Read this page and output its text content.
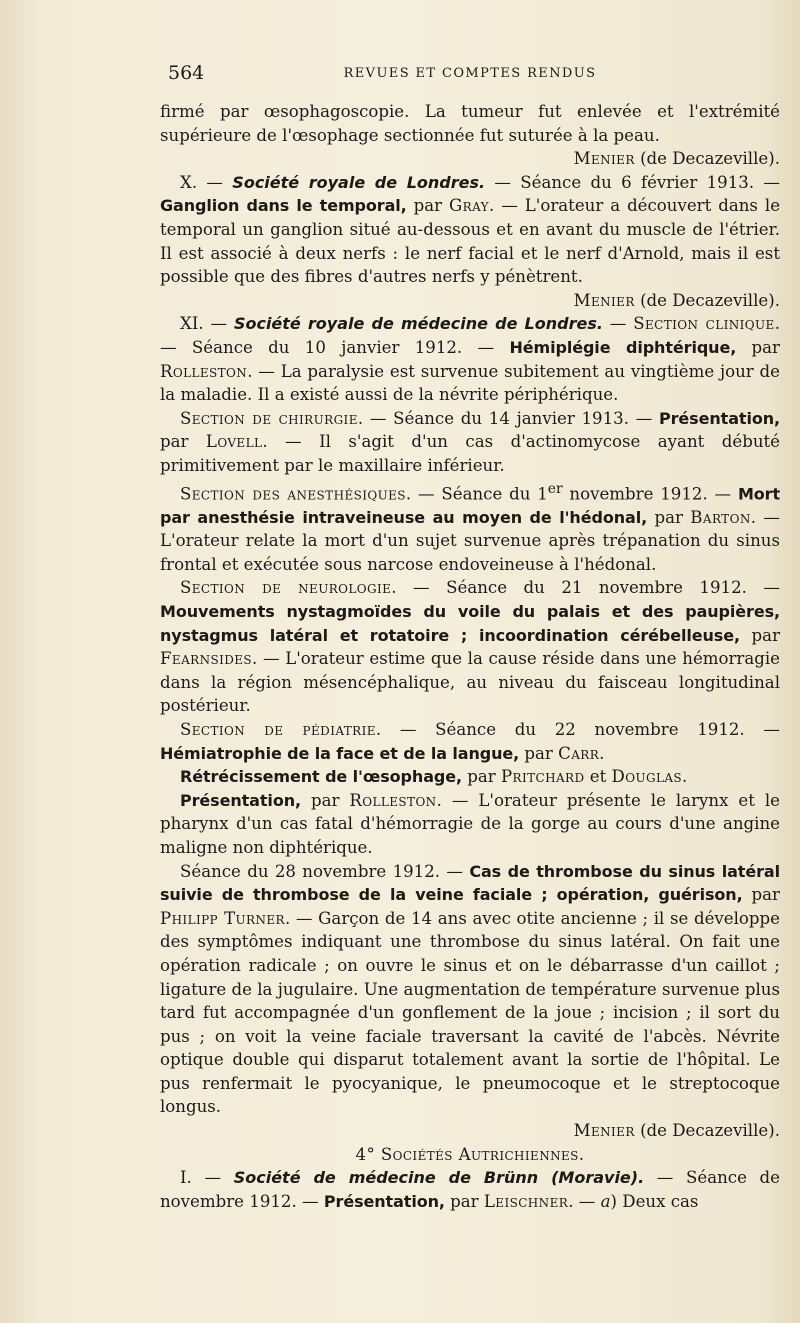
564	REVUES ET COMPTES RENDUS

firmé par œsophagoscopie. La tumeur fut enlevée et l'extrémité supérieure de l'œsophage sectionnée fut suturée à la peau.

Menier (de Decazeville).

X. — Société royale de Londres. — Séance du 6 février 1913. — Ganglion dans le temporal, par Gray. — L'orateur a découvert dans le temporal un ganglion situé au-dessous et en avant du muscle de l'étrier. Il est associé à deux nerfs : le nerf facial et le nerf d'Arnold, mais il est possible que des fibres d'autres nerfs y pénètrent.

Menier (de Decazeville).

XI. — Société royale de médecine de Londres. — Section clinique. — Séance du 10 janvier 1912. — Hémiplégie diphtérique, par Rolleston. — La paralysie est survenue subitement au vingtième jour de la maladie. Il a existé aussi de la névrite périphérique.

Section de chirurgie. — Séance du 14 janvier 1913. — Présentation, par Lovell. — Il s'agit d'un cas d'actinomycose ayant débuté primitivement par le maxillaire inférieur.

Section des anesthésiques. — Séance du 1er novembre 1912. — Mort par anesthésie intraveineuse au moyen de l'hédonal, par Barton. — L'orateur relate la mort d'un sujet survenue après trépanation du sinus frontal et exécutée sous narcose endoveineuse à l'hédonal.

Section de neurologie. — Séance du 21 novembre 1912. — Mouvements nystagmoïdes du voile du palais et des paupières, nystagmus latéral et rotatoire ; incoordination cérébelleuse, par Fearnsides. — L'orateur estime que la cause réside dans une hémorragie dans la région mésencéphalique, au niveau du faisceau longitudinal postérieur.

Section de pédiatrie. — Séance du 22 novembre 1912. — Hémiatrophie de la face et de la langue, par Carr.

Rétrécissement de l'œsophage, par Pritchard et Douglas.

Présentation, par Rolleston. — L'orateur présente le larynx et le pharynx d'un cas fatal d'hémorragie de la gorge au cours d'une angine maligne non diphtérique.

Séance du 28 novembre 1912. — Cas de thrombose du sinus latéral suivie de thrombose de la veine faciale ; opération, guérison, par Philipp Turner. — Garçon de 14 ans avec otite ancienne ; il se développe des symptômes indiquant une thrombose du sinus latéral. On fait une opération radicale ; on ouvre le sinus et on le débarrasse d'un caillot ; ligature de la jugulaire. Une augmentation de température survenue plus tard fut accompagnée d'un gonflement de la joue ; incision ; il sort du pus ; on voit la veine faciale traversant la cavité de l'abcès. Névrite optique double qui disparut totalement avant la sortie de l'hôpital. Le pus renfermait le pyocyanique, le pneumocoque et le streptocoque longus.

Menier (de Decazeville).

4° Sociétés Autrichiennes.

I. — Société de médecine de Brünn (Moravie). — Séance de novembre 1912. — Présentation, par Leischner. — a) Deux cas
